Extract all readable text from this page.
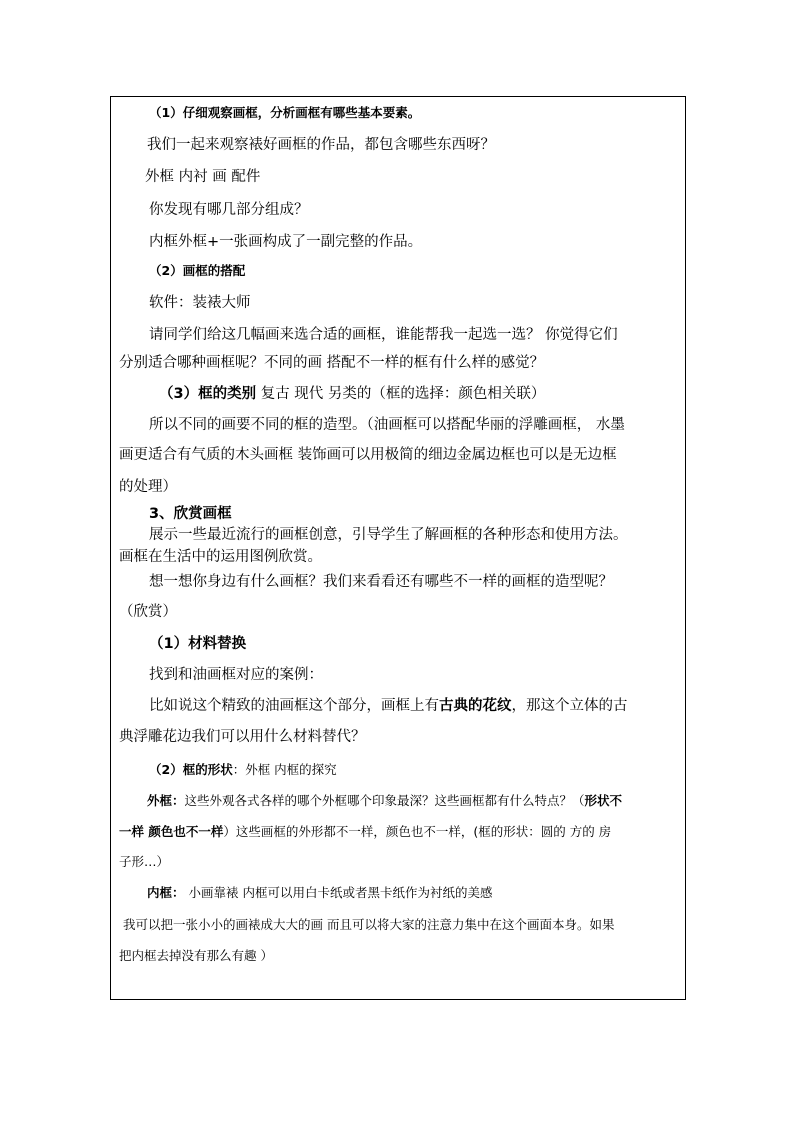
（1）仔细观察画框，分析画框有哪些基本要素。

我们一起来观察裱好画框的作品，都包含哪些东西呀？

外框 内衬 画 配件

你发现有哪几部分组成？

内框外框+一张画构成了一副完整的作品。

（2）画框的搭配

软件：装裱大师

请同学们给这几幅画来选合适的画框，谁能帮我一起选一选？ 你觉得它们

分别适合哪种画框呢？不同的画 搭配不一样的框有什么样的感觉？

（3）框的类别 复古 现代 另类的（框的选择：颜色相关联）

所以不同的画要不同的框的造型。（油画框可以搭配华丽的浮雕画框， 水墨

画更适合有气质的木头画框 装饰画可以用极简的细边金属边框也可以是无边框

的处理）

3、欣赏画框

展示一些最近流行的画框创意，引导学生了解画框的各种形态和使用方法。

画框在生活中的运用图例欣赏。

想一想你身边有什么画框？我们来看看还有哪些不一样的画框的造型呢？

（欣赏）

（1）材料替换

找到和油画框对应的案例：

比如说这个精致的油画框这个部分，画框上有古典的花纹，那这个立体的古

典浮雕花边我们可以用什么材料替代？

（2）框的形状：外框 内框的探究

外框：这些外观各式各样的哪个外框哪个印象最深？这些画框都有什么特点？（形状不

一样 颜色也不一样）这些画框的外形都不一样，颜色也不一样，(框的形状：圆的 方的 房

子形…）

内框： 小画靠裱 内框可以用白卡纸或者黑卡纸作为衬纸的美感

我可以把一张小小的画裱成大大的画 而且可以将大家的注意力集中在这个画面本身。如果

把内框去掉没有那么有趣 ）
